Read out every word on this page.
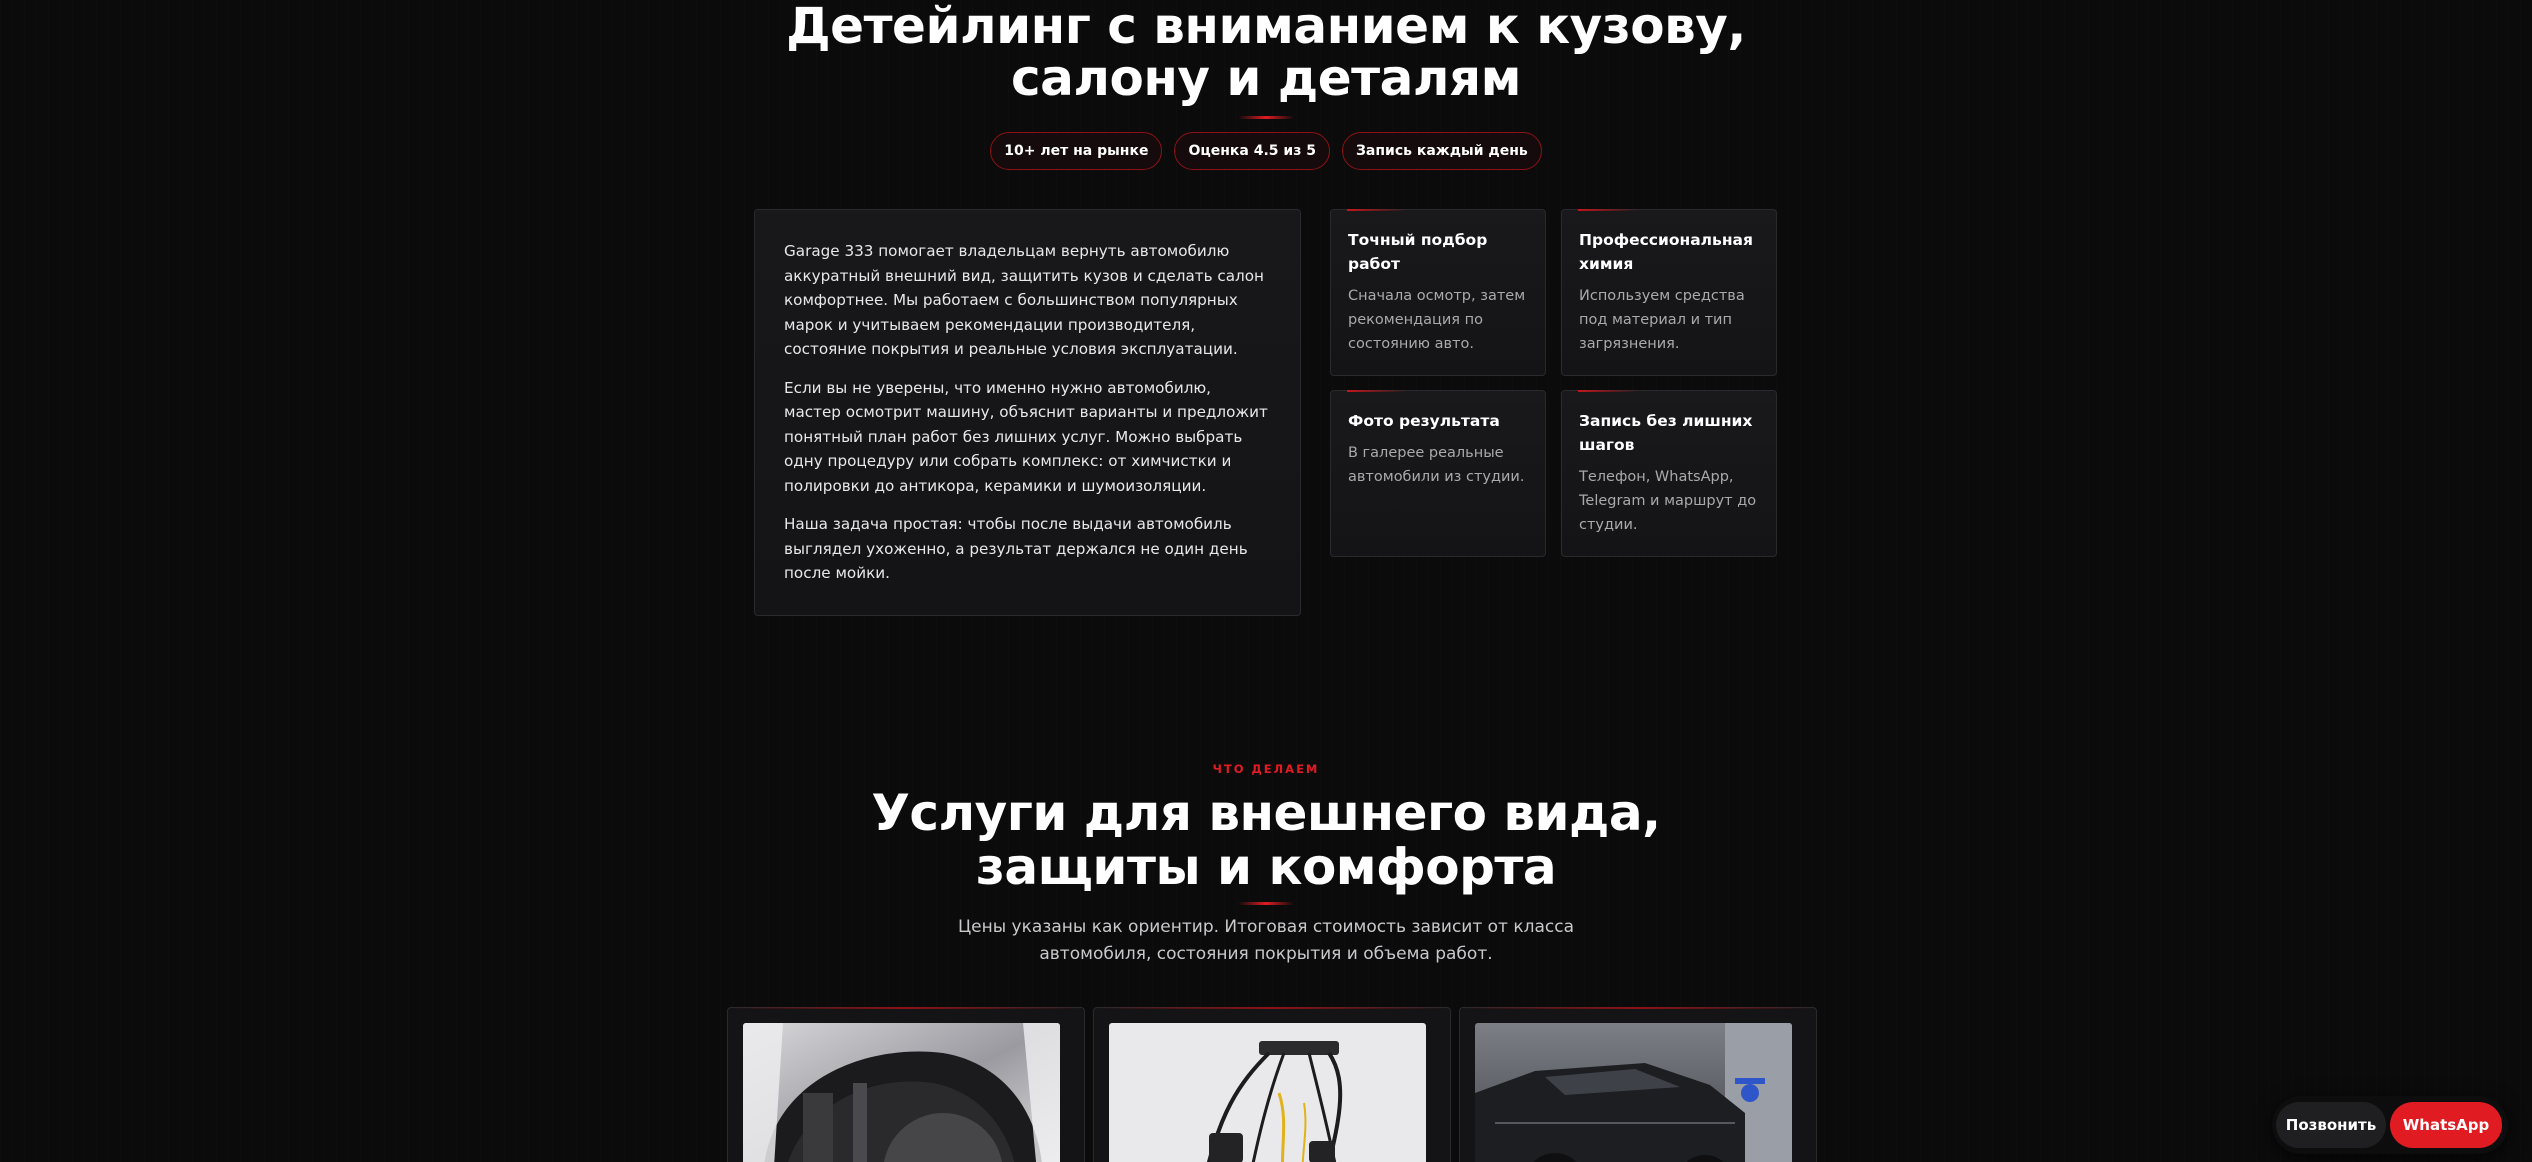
Детейлинг с вниманием к кузову,
салону и деталям
10+ лет на рынке	Оценка 4.5 из 5	Запись каждый день

Garage 333 помогает владельцам вернуть автомобилю аккуратный внешний вид, защитить кузов и сделать салон комфортнее. Мы работаем с большинством популярных марок и учитываем рекомендации производителя, состояние покрытия и реальные условия эксплуатации.

Если вы не уверены, что именно нужно автомобилю, мастер осмотрит машину, объяснит варианты и предложит понятный план работ без лишних услуг. Можно выбрать одну процедуру или собрать комплекс: от химчистки и полировки до антикора, керамики и шумоизоляции.

Наша задача простая: чтобы после выдачи автомобиль выглядел ухоженно, а результат держался не один день после мойки.

Точный подбор работ

Сначала осмотр, затем рекомендация по состоянию авто.

Профессиональная химия

Используем средства под материал и тип загрязнения.

Фото результата

В галерее реальные автомобили из студии.

Запись без лишних шагов

Телефон, WhatsApp, Telegram и маршрут до студии.

ЧТО ДЕЛАЕМ
Услуги для внешнего вида,
защиты и комфорта

Цены указаны как ориентир. Итоговая стоимость зависит от класса
автомобиля, состояния покрытия и объема работ.

Позвонить	WhatsApp
